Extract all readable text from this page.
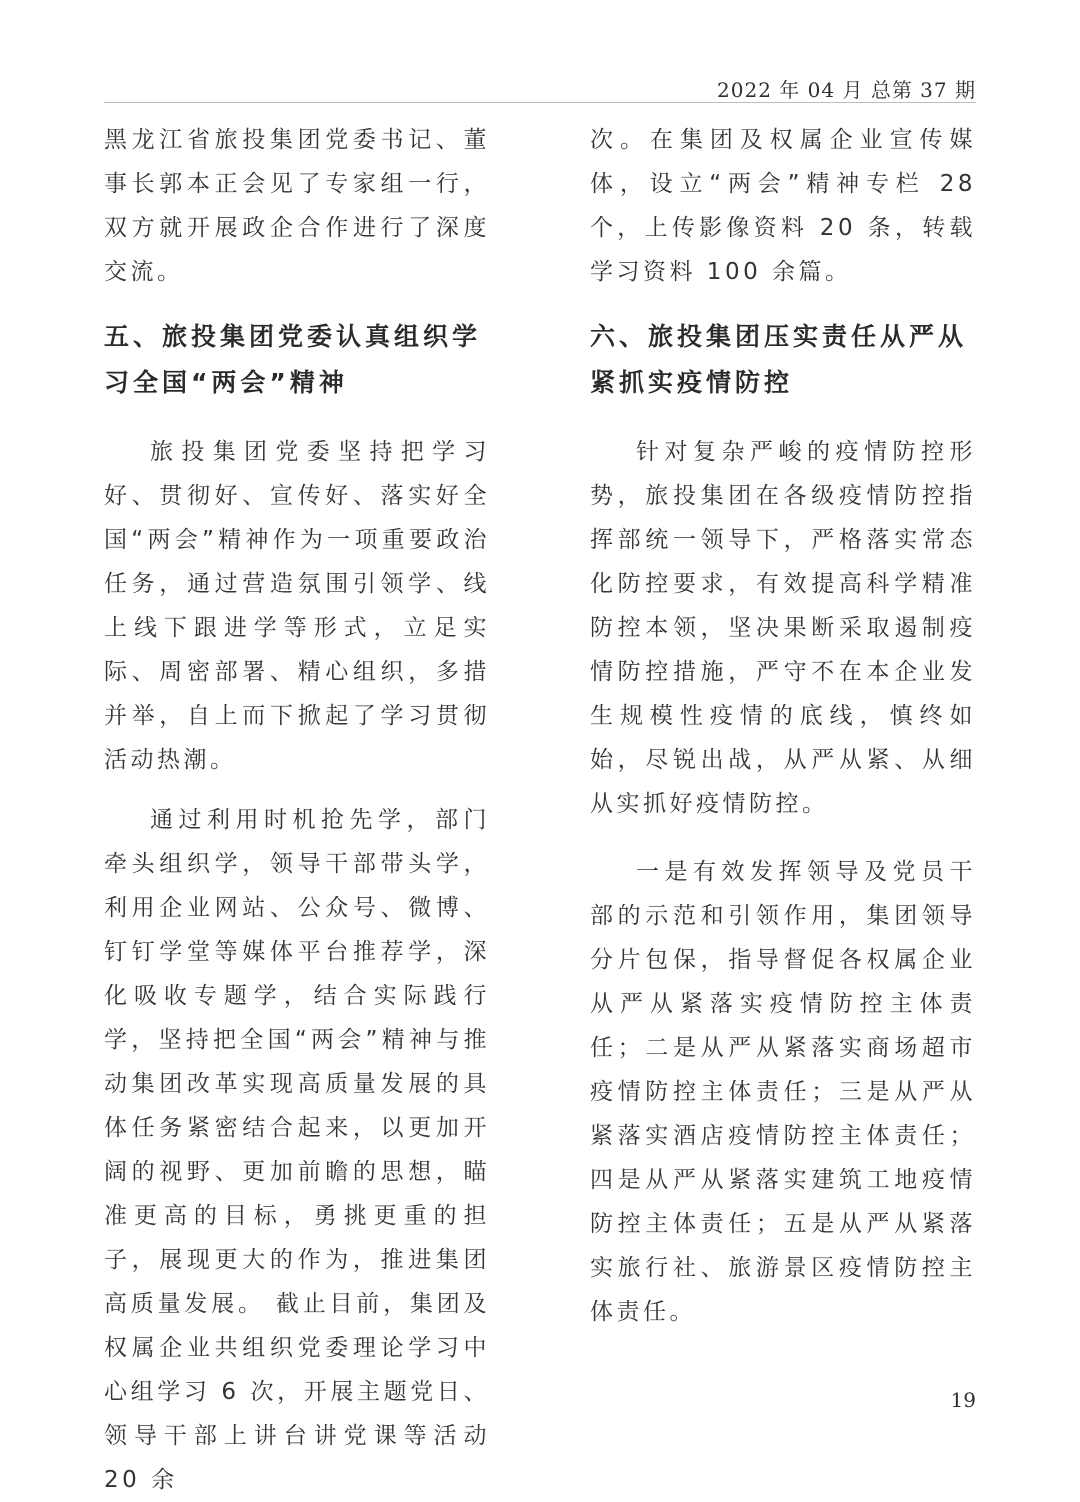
2022 年 04 月 总第 37 期

黑龙江省旅投集团党委书记、董事长郭本正会见了专家组一行，双方就开展政企合作进行了深度交流。

五、旅投集团党委认真组织学习全国“两会”精神

旅投集团党委坚持把学习好、贯彻好、宣传好、落实好全国“两会”精神作为一项重要政治任务，通过营造氛围引领学、线上线下跟进学等形式，立足实际、周密部署、精心组织，多措并举，自上而下掀起了学习贯彻活动热潮。

通过利用时机抢先学，部门牵头组织学，领导干部带头学，利用企业网站、公众号、微博、钉钉学堂等媒体平台推荐学，深化吸收专题学，结合实际践行学，坚持把全国“两会”精神与推动集团改革实现高质量发展的具体任务紧密结合起来，以更加开阔的视野、更加前瞻的思想，瞄准更高的目标，勇挑更重的担子，展现更大的作为，推进集团高质量发展。 截止目前，集团及权属企业共组织党委理论学习中心组学习 6 次，开展主题党日、领导干部上讲台讲党课等活动 20 余

次。在集团及权属企业宣传媒体，设立“两会”精神专栏 28 个，上传影像资料 20 条，转载学习资料 100 余篇。

六、旅投集团压实责任从严从紧抓实疫情防控

针对复杂严峻的疫情防控形势，旅投集团在各级疫情防控指挥部统一领导下，严格落实常态化防控要求，有效提高科学精准防控本领，坚决果断采取遏制疫情防控措施，严守不在本企业发生规模性疫情的底线，慎终如始，尽锐出战，从严从紧、从细从实抓好疫情防控。

一是有效发挥领导及党员干部的示范和引领作用，集团领导分片包保，指导督促各权属企业从严从紧落实疫情防控主体责任；二是从严从紧落实商场超市疫情防控主体责任；三是从严从紧落实酒店疫情防控主体责任；四是从严从紧落实建筑工地疫情防控主体责任；五是从严从紧落实旅行社、旅游景区疫情防控主体责任。

19
